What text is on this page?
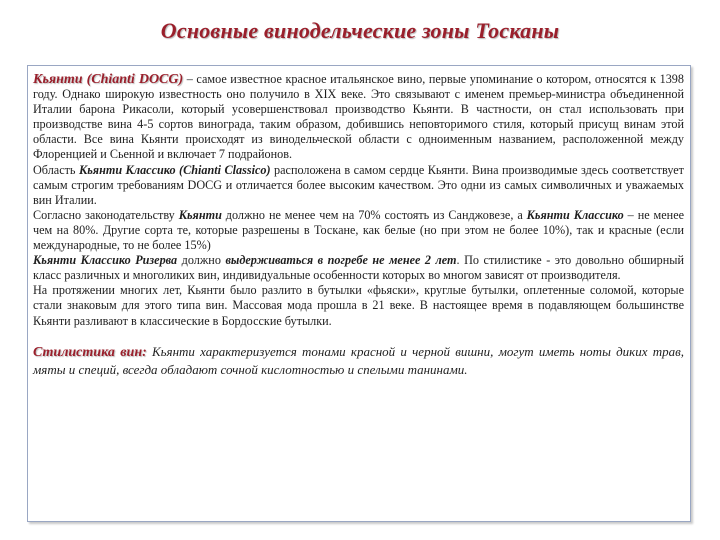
Основные винодельческие зоны Тосканы

Кьянти (Chianti DOCG) – самое известное красное итальянское вино, первые упоминание о котором, относятся к 1398 году. Однако широкую известность оно получило в XIX веке. Это связывают с именем премьер-министра объединенной Италии барона Рикасоли, который усовершенствовал производство Кьянти. В частности, он стал использовать при производстве вина 4-5 сортов винограда, таким образом, добившись неповторимого стиля, который присущ винам этой области. Все вина Кьянти происходят из винодельческой области с одноименным названием, расположенной между Флоренцией и Сьенной и включает 7 подрайонов.

Область Кьянти Классико (Chianti Classico) расположена в самом сердце Кьянти. Вина производимые здесь соответствует самым строгим требованиям DOCG и отличается более высоким качеством. Это одни из самых символичных и уважаемых вин Италии.

Согласно законодательству Кьянти должно не менее чем на 70% состоять из Санджовезе, а Кьянти Классико – не менее чем на 80%. Другие сорта те, которые разрешены в Тоскане, как белые (но при этом не более 10%), так и красные (если международные, то не более 15%)

Кьянти Классико Ризерва должно выдерживаться в погребе не менее 2 лет. По стилистике - это довольно обширный класс различных и многоликих вин, индивидуальные особенности которых во многом зависят от производителя.

На протяжении многих лет, Кьянти было разлито в бутылки «фьяски», круглые бутылки, оплетенные соломой, которые стали знаковым для этого типа вин. Массовая мода прошла в 21 веке. В настоящее время в подавляющем большинстве Кьянти разливают в классические в Бордосские бутылки.

Стилистика вин: Кьянти характеризуется тонами красной и черной вишни, могут иметь ноты диких трав, мяты и специй, всегда обладают сочной кислотностью и спелыми танинами.
